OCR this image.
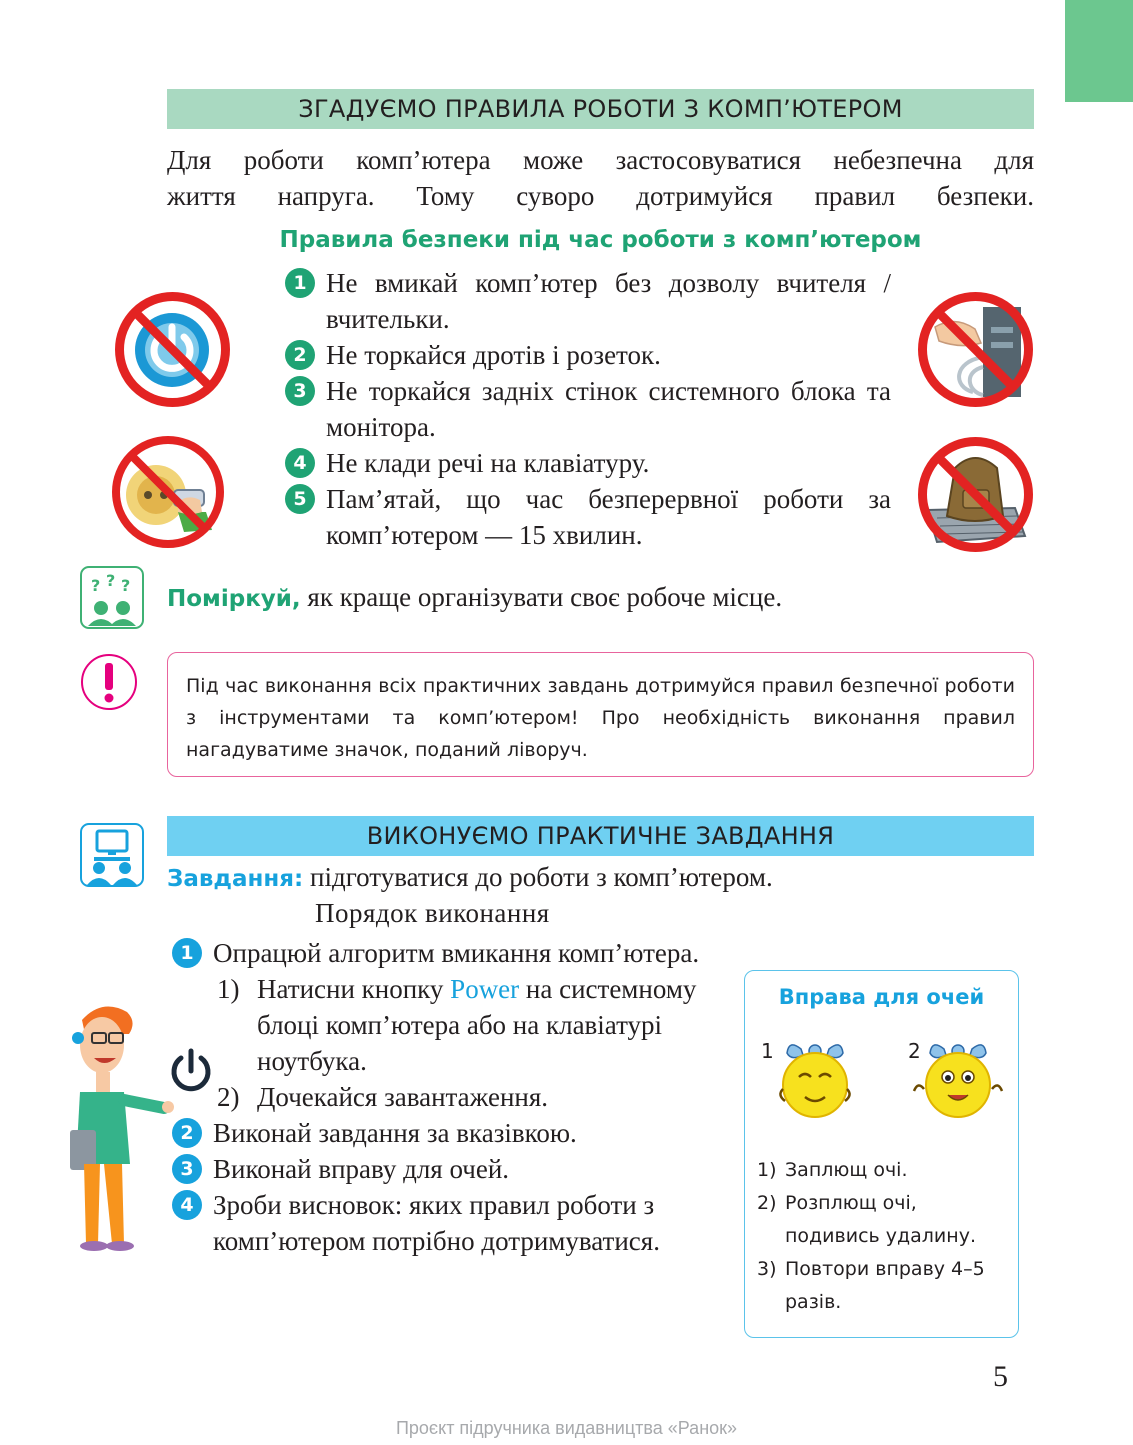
ЗГАДУЄМО ПРАВИЛА РОБОТИ З КОМП’ЮТЕРОМ
Для роботи комп’ютера може застосовуватися небезпечна для
життя напруга. Тому суворо дотримуйся правил безпеки.
Правила безпеки під час роботи з комп’ютером
1 Не вмикай комп’ютер без дозволу вчителя / вчительки.
2 Не торкайся дротів і розеток.
3 Не торкайся задніх стінок системного блока та монітора.
4 Не клади речі на клавіатуру.
5 Пам’ятай, що час безперервної роботи за комп’ютером — 15 хвилин.
? ? ?
Поміркуй, як краще організувати своє робоче місце.
Під час виконання всіх практичних завдань дотримуйся правил безпечної роботи з інструментами та комп’ютером! Про необхідність виконання правил нагадуватиме значок, поданий ліворуч.
ВИКОНУЄМО ПРАКТИЧНЕ ЗАВДАННЯ
Завдання: підготуватися до роботи з комп’ютером.
Порядок виконання
1 Опрацюй алгоритм вмикання комп’ютера.
1) Натисни кнопку Power на системному блоці комп’ютера або на клавіатурі ноутбука.
2) Дочекайся завантаження.
2 Виконай завдання за вказівкою.
3 Виконай вправу для очей.
4 Зроби висновок: яких правил роботи з комп’ютером потрібно дотримуватися.
Вправа для очей
1	2
1) Заплющ очі.
2) Розплющ очі, подивись удалину.
3) Повтори вправу 4–5 разів.
5
Проєкт підручника видавництва «Ранок»
